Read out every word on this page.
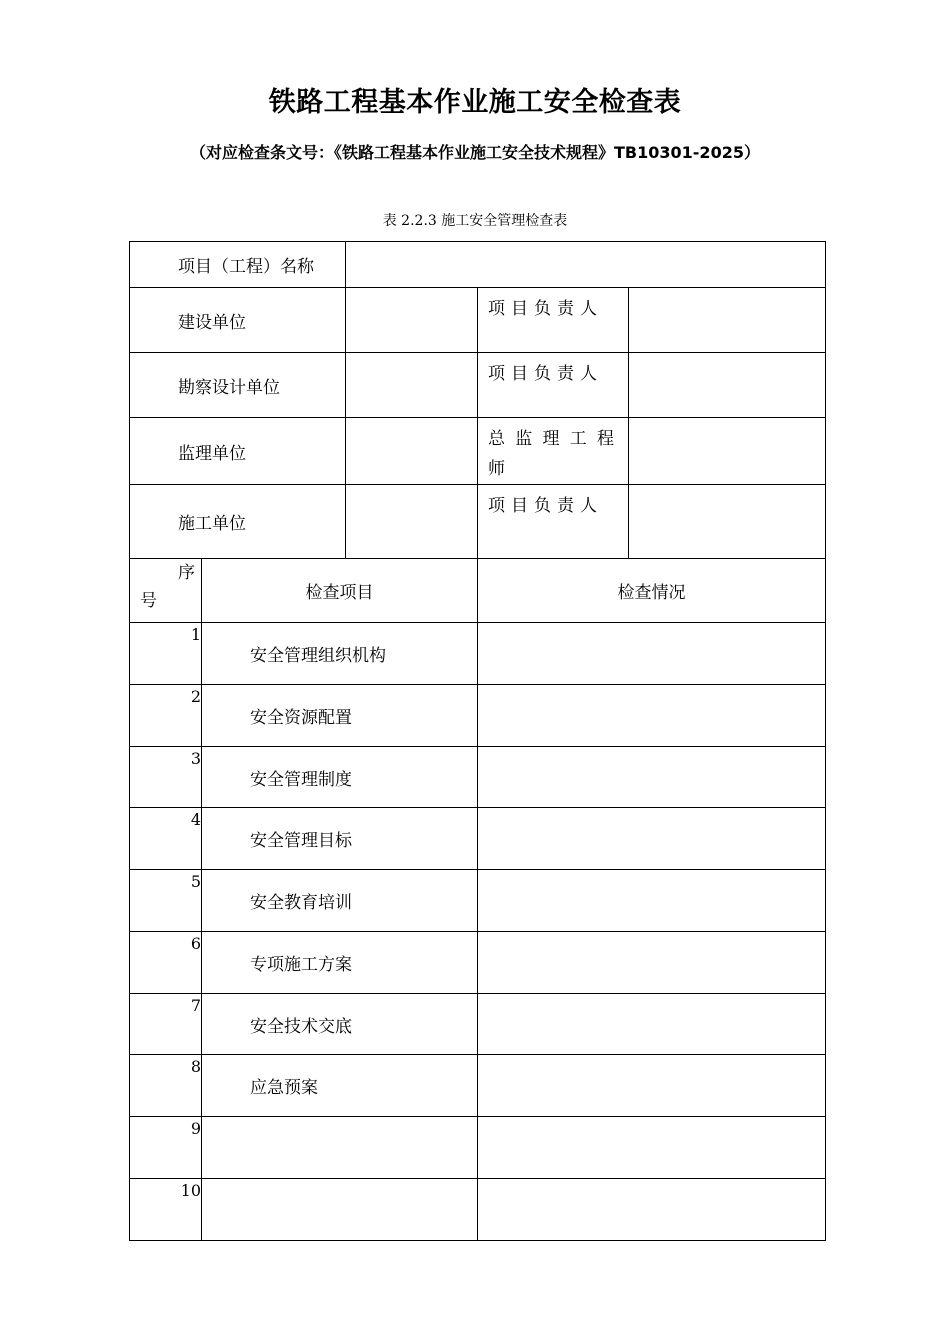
铁路工程基本作业施工安全检查表
（对应检查条文号：《铁路工程基本作业施工安全技术规程》TB10301-2025）
表 2.2.3 施工安全管理检查表
项目（工程）名称				
建设单位			项目负责人	

勘察设计单位			项目负责人	

监理单位			总监理工程师	

施工单位			项目负责人	

序
号	检查项目		检查情况	
1	安全管理组织机构			
2	安全资源配置			
3	安全管理制度			
4	安全管理目标			
5	安全教育培训			
6	专项施工方案			
7	安全技术交底			
8	应急预案			
9				
10				
